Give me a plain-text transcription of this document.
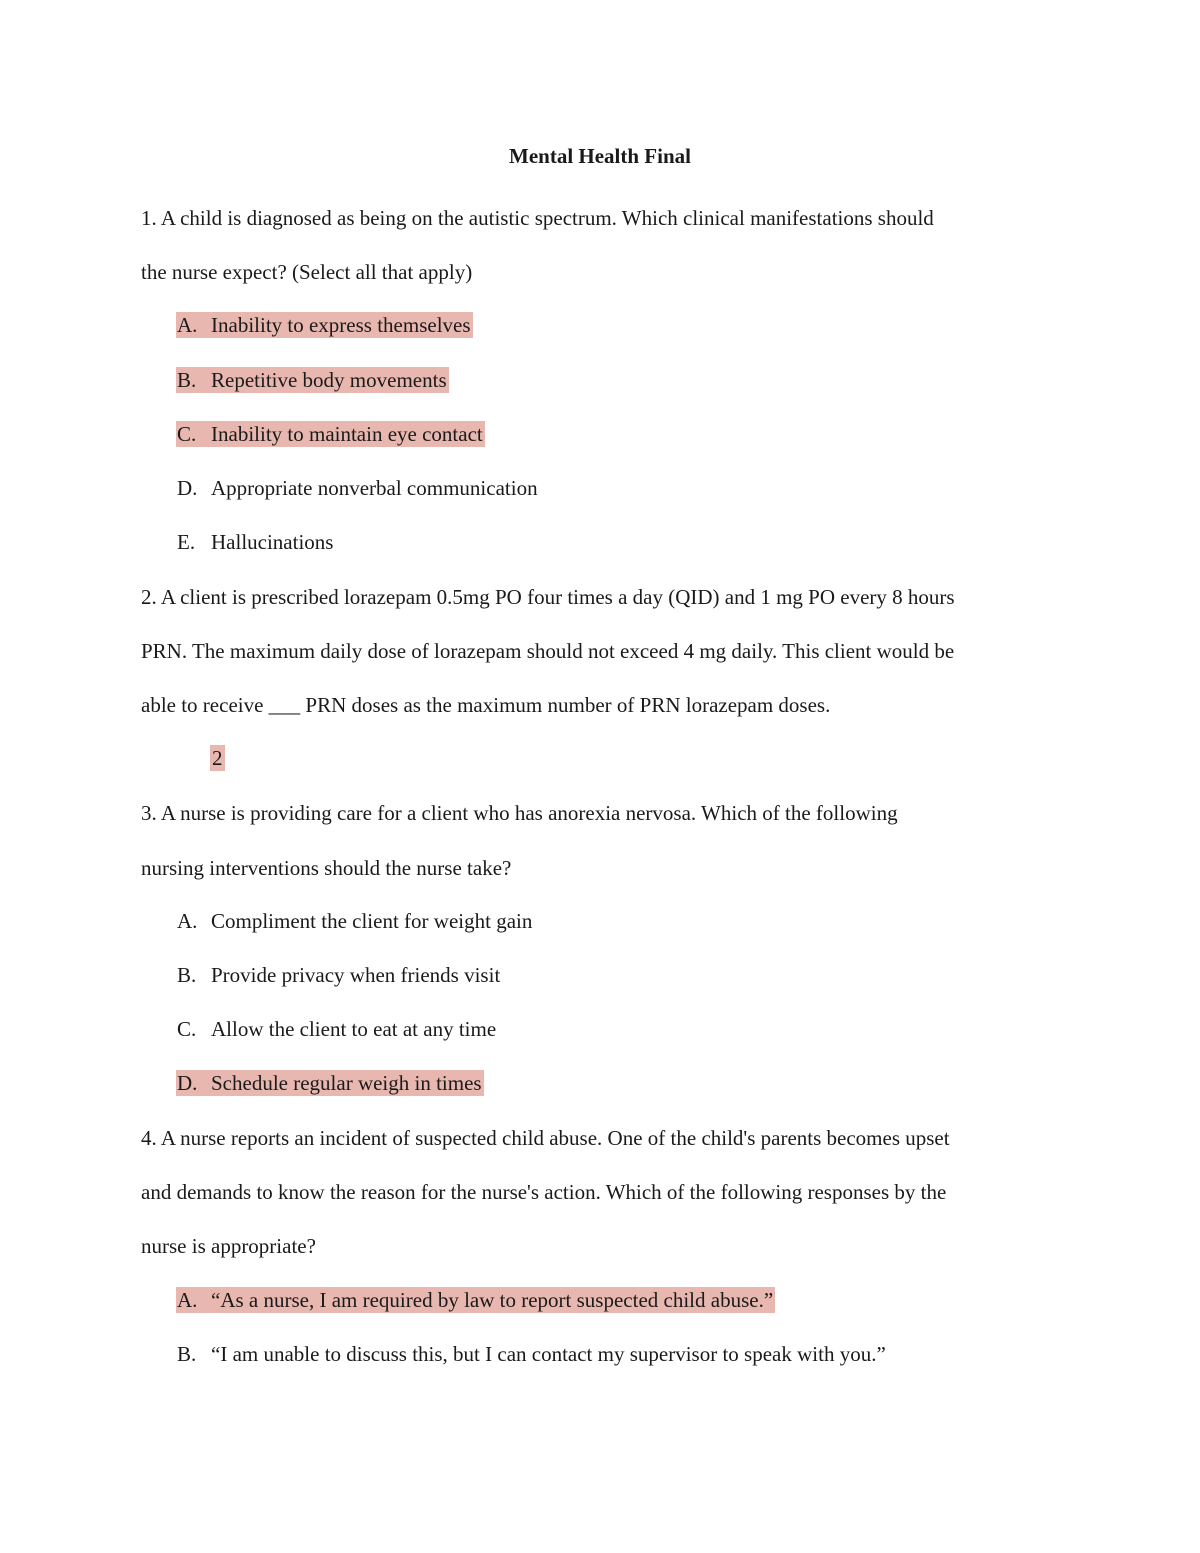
Mental Health Final
1. A child is diagnosed as being on the autistic spectrum. Which clinical manifestations should
the nurse expect? (Select all that apply)
A. Inability to express themselves
B. Repetitive body movements
C. Inability to maintain eye contact
D. Appropriate nonverbal communication
E. Hallucinations
2. A client is prescribed lorazepam 0.5mg PO four times a day (QID) and 1 mg PO every 8 hours
PRN. The maximum daily dose of lorazepam should not exceed 4 mg daily. This client would be
able to receive ___ PRN doses as the maximum number of PRN lorazepam doses.
2
3. A nurse is providing care for a client who has anorexia nervosa. Which of the following
nursing interventions should the nurse take?
A. Compliment the client for weight gain
B. Provide privacy when friends visit
C. Allow the client to eat at any time
D. Schedule regular weigh in times
4. A nurse reports an incident of suspected child abuse. One of the child's parents becomes upset
and demands to know the reason for the nurse's action. Which of the following responses by the
nurse is appropriate?
A. “As a nurse, I am required by law to report suspected child abuse.”
B. “I am unable to discuss this, but I can contact my supervisor to speak with you.”
